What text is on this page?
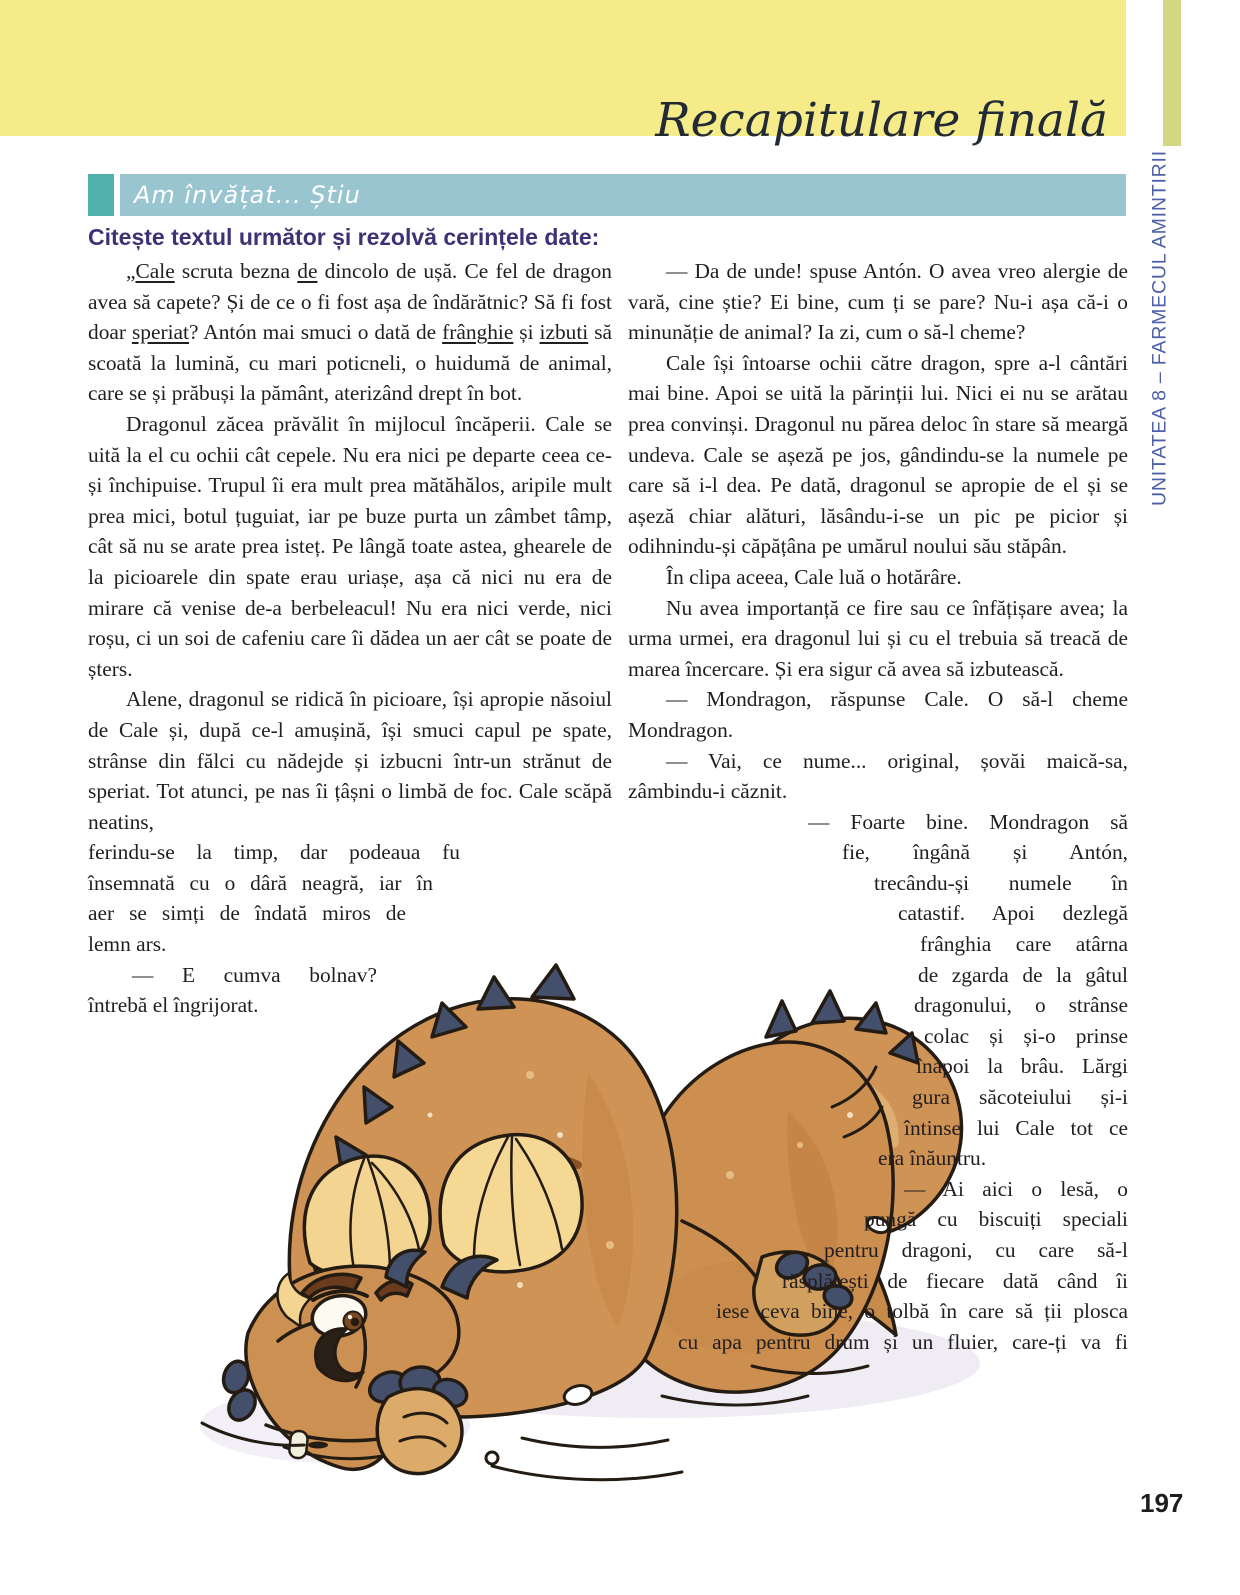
Recapitulare finală
UNITATEA 8 – FARMECUL AMINTIRII
Am învățat... Știu
Citește textul următor și rezolvă cerințele date:

„Cale scruta bezna de dincolo de ușă. Ce fel de dragon avea să capete? Și de ce o fi fost așa de îndărătnic? Să fi fost doar speriat? Antón mai smuci o dată de frânghie și izbuti să scoată la lumină, cu mari poticneli, o huidumă de animal, care se și prăbuși la pământ, aterizând drept în bot.

Dragonul zăcea prăvălit în mijlocul încăperii. Cale se uită la el cu ochii cât cepele. Nu era nici pe departe ceea ce-și închipuise. Trupul îi era mult prea mătăhălos, aripile mult prea mici, botul țuguiat, iar pe buze purta un zâmbet tâmp, cât să nu se arate prea isteț. Pe lângă toate astea, ghearele de la picioarele din spate erau uriașe, așa că nici nu era de mirare că venise de-a berbeleacul! Nu era nici verde, nici roșu, ci un soi de cafeniu care îi dădea un aer cât se poate de șters.

Alene, dragonul se ridică în picioare, își apropie năsoiul de Cale și, după ce-l amușină, își smuci capul pe spate, strânse din fălci cu nădejde și izbucni într-un strănut de speriat. Tot atunci, pe nas îi țâșni o limbă de foc. Cale scăpă neatins,

ferindu-se la timp, dar podeaua fu
însemnată cu o dâră neagră, iar în
aer se simți de îndată miros de
lemn ars.
— E cumva bolnav?
întrebă el îngrijorat.

— Da de unde! spuse Antón. O avea vreo alergie de vară, cine știe? Ei bine, cum ți se pare? Nu-i așa că-i o minunăție de animal? Ia zi, cum o să-l cheme?

Cale își întoarse ochii către dragon, spre a-l cântări mai bine. Apoi se uită la părinții lui. Nici ei nu se arătau prea convinși. Dragonul nu părea deloc în stare să meargă undeva. Cale se așeză pe jos, gândindu-se la numele pe care să i-l dea. Pe dată, dragonul se apropie de el și se așeză chiar alături, lăsându-i-se un pic pe picior și odihnindu-și căpățâna pe umărul noului său stăpân.

În clipa aceea, Cale luă o hotărâre.

Nu avea importanță ce fire sau ce înfățișare avea; la urma urmei, era dragonul lui și cu el trebuia să treacă de marea încercare. Și era sigur că avea să izbutească.

— Mondragon, răspunse Cale. O să-l cheme Mondragon.

— Vai, ce nume... original, șovăi maică-sa, zâmbindu-i căznit.

— Foarte bine. Mondragon să
fie, îngână și Antón,
trecându-și numele în
catastif. Apoi dezlegă
frânghia care atârna
de zgarda de la gâtul
dragonului, o strânse
colac și și-o prinse
înapoi la brâu. Lărgi
gura săcoteiului și-i
întinse lui Cale tot ce
era înăuntru.
— Ai aici o lesă, o
pungă cu biscuiți speciali
pentru dragoni, cu care să-l
răsplătești de fiecare dată când îi
iese ceva bine, o tolbă în care să ții plosca
cu apa pentru drum și un fluier, care-ți va fi
197
